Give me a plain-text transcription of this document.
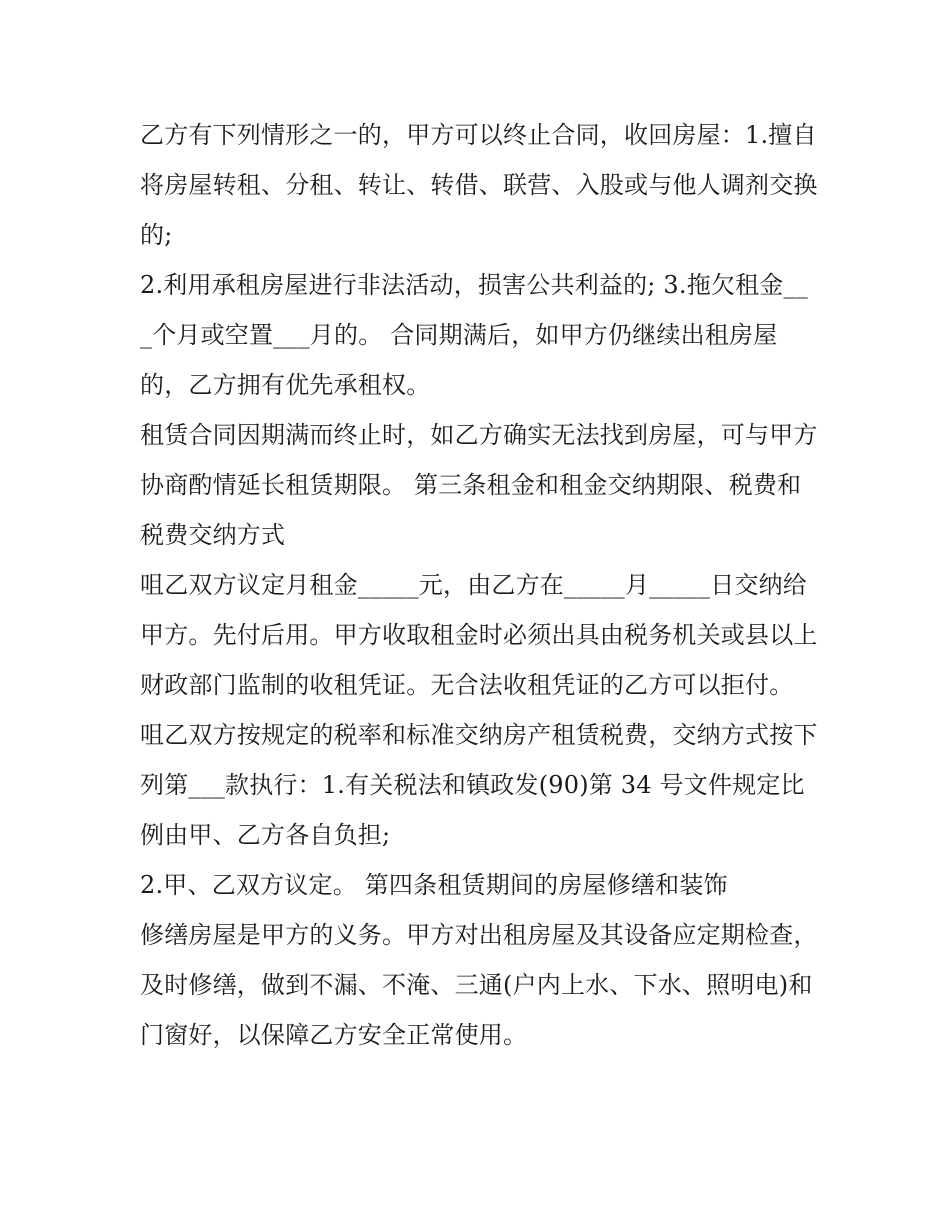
乙方有下列情形之一的，甲方可以终止合同，收回房屋：1.擅自将房屋转租、分租、转让、转借、联营、入股或与他人调剂交换的;

2.利用承租房屋进行非法活动，损害公共利益的; 3.拖欠租金___个月或空置___月的。 合同期满后，如甲方仍继续出租房屋的，乙方拥有优先承租权。

租赁合同因期满而终止时，如乙方确实无法找到房屋，可与甲方协商酌情延长租赁期限。 第三条租金和租金交纳期限、税费和税费交纳方式

咀乙双方议定月租金_____元，由乙方在_____月_____日交纳给甲方。先付后用。甲方收取租金时必须出具由税务机关或县以上财政部门监制的收租凭证。无合法收租凭证的乙方可以拒付。

咀乙双方按规定的税率和标准交纳房产租赁税费，交纳方式按下列第___款执行：1.有关税法和镇政发(90)第 34 号文件规定比例由甲、乙方各自负担;

2.甲、乙双方议定。 第四条租赁期间的房屋修缮和装饰

修缮房屋是甲方的义务。甲方对出租房屋及其设备应定期检查，及时修缮，做到不漏、不淹、三通(户内上水、下水、照明电)和门窗好，以保障乙方安全正常使用。
